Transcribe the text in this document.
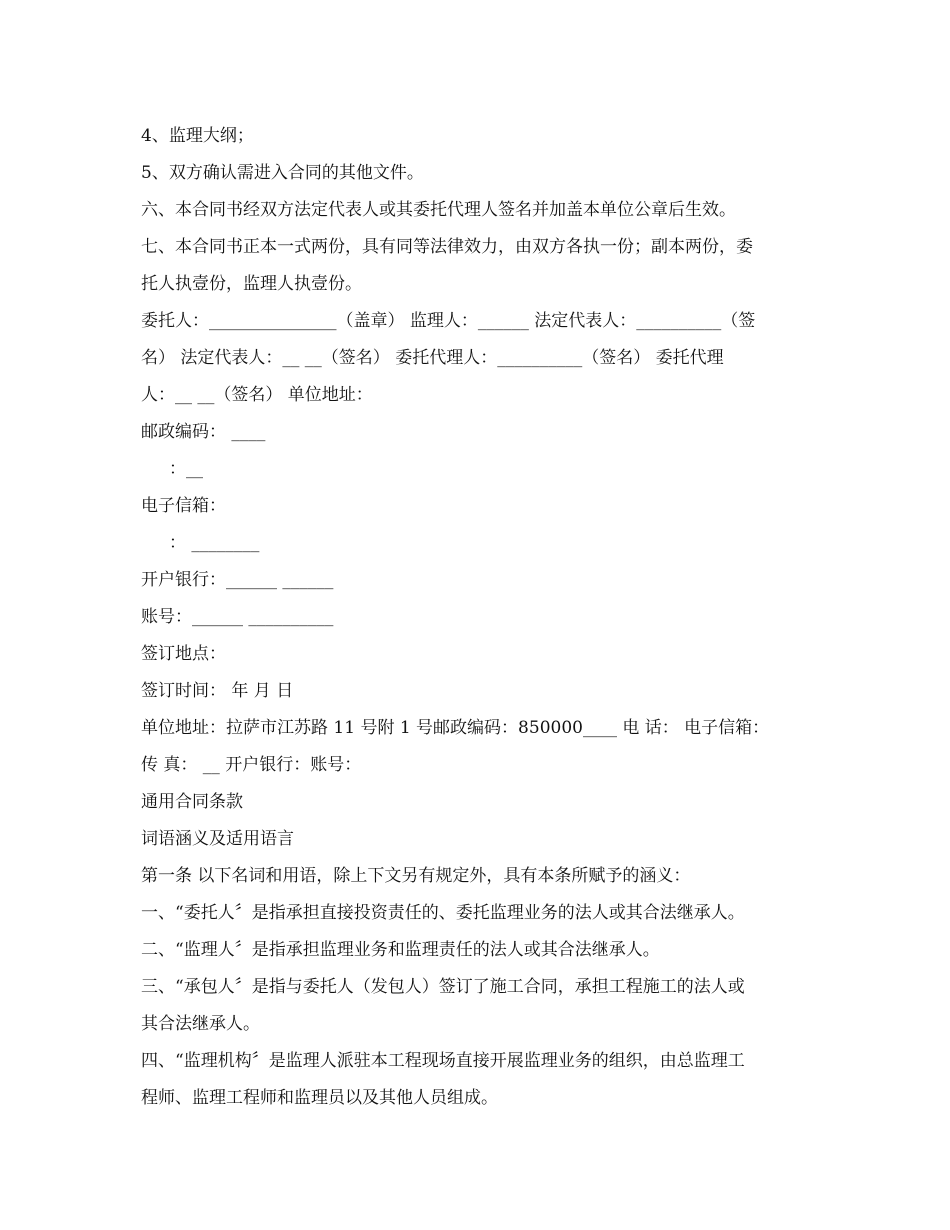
4、监理大纲；
5、双方确认需进入合同的其他文件。
六、本合同书经双方法定代表人或其委托代理人签名并加盖本单位公章后生效。
七、本合同书正本一式两份，具有同等法律效力，由双方各执一份；副本两份，委
托人执壹份，监理人执壹份。
委托人：_______________（盖章） 监理人：______ 法定代表人：__________（签
名） 法定代表人：__ __（签名） 委托代理人：__________（签名） 委托代理
人：__ __（签名） 单位地址：
邮政编码： ____
：__
电子信箱：
： ________
开户银行：______ ______
账号：______ __________
签订地点：
签订时间： 年 月 日
单位地址：拉萨市江苏路 11 号附 1 号邮政编码：850000____ 电 话： 电子信箱：
传 真： __ 开户银行：账号：
通用合同条款
词语涵义及适用语言
第一条 以下名词和用语，除上下文另有规定外，具有本条所赋予的涵义：
一、“委托人〞是指承担直接投资责任的、委托监理业务的法人或其合法继承人。
二、“监理人〞是指承担监理业务和监理责任的法人或其合法继承人。
三、“承包人〞是指与委托人（发包人）签订了施工合同，承担工程施工的法人或
其合法继承人。
四、“监理机构〞是监理人派驻本工程现场直接开展监理业务的组织，由总监理工
程师、监理工程师和监理员以及其他人员组成。
